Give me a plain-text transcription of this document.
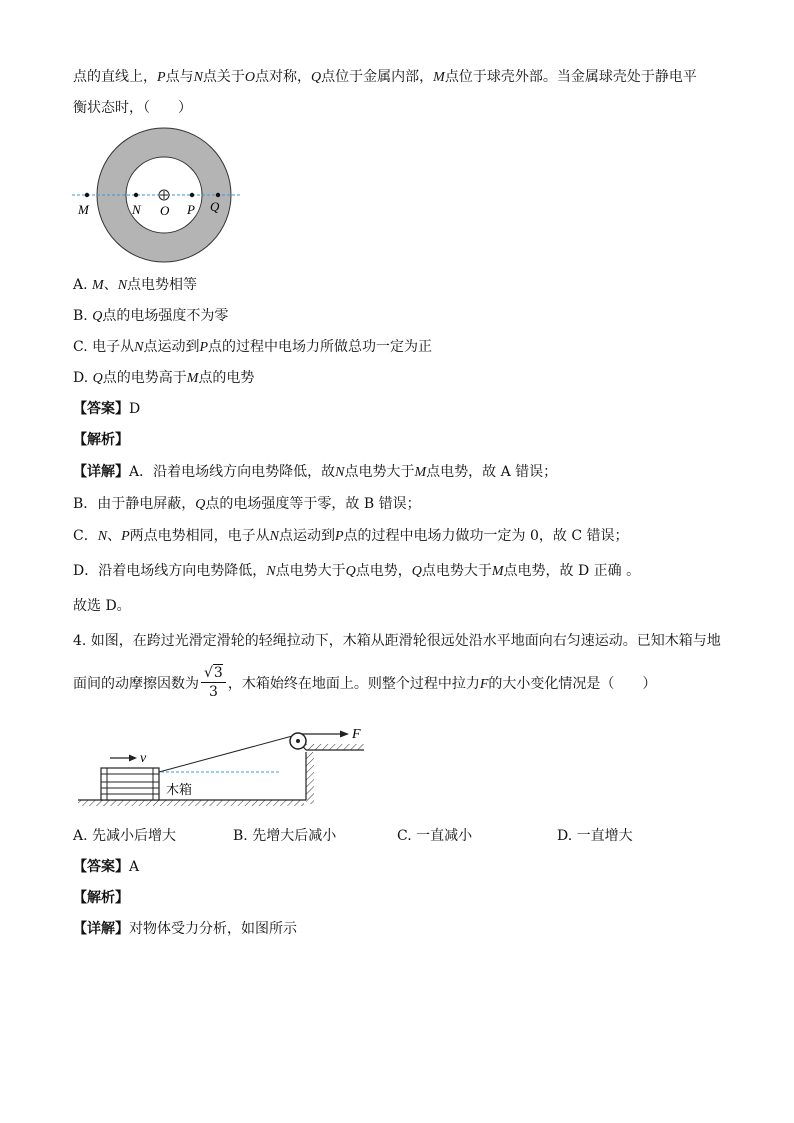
点的直线上，P点与N点关于O点对称，Q点位于金属内部，M点位于球壳外部。当金属球壳处于静电平
衡状态时，（　　）
M	N O P Q
A. M、N点电势相等
B. Q点的电场强度不为零
C. 电子从N点运动到P点的过程中电场力所做总功一定为正
D. Q点的电势高于M点的电势
【答案】D
【解析】
【详解】A．沿着电场线方向电势降低，故N点电势大于M点电势，故 A 错误；
B．由于静电屏蔽，Q点的电场强度等于零，故 B 错误；
C．N、P两点电势相同，电子从N点运动到P点的过程中电场力做功一定为 0，故 C 错误；
D．沿着电场线方向电势降低，N点电势大于Q点电势，Q点电势大于M点电势，故 D 正确 。
故选 D。
4. 如图，在跨过光滑定滑轮的轻绳拉动下，木箱从距滑轮很远处沿水平地面向右匀速运动。已知木箱与地
面间的动摩擦因数为 $\frac{√3}{3}$ ，木箱始终在地面上。则整个过程中拉力F的大小变化情况是（　　）
v
F
木箱
A. 先减小后增大	B. 先增大后减小	C. 一直减小	D. 一直增大
【答案】A
【解析】
【详解】对物体受力分析，如图所示
